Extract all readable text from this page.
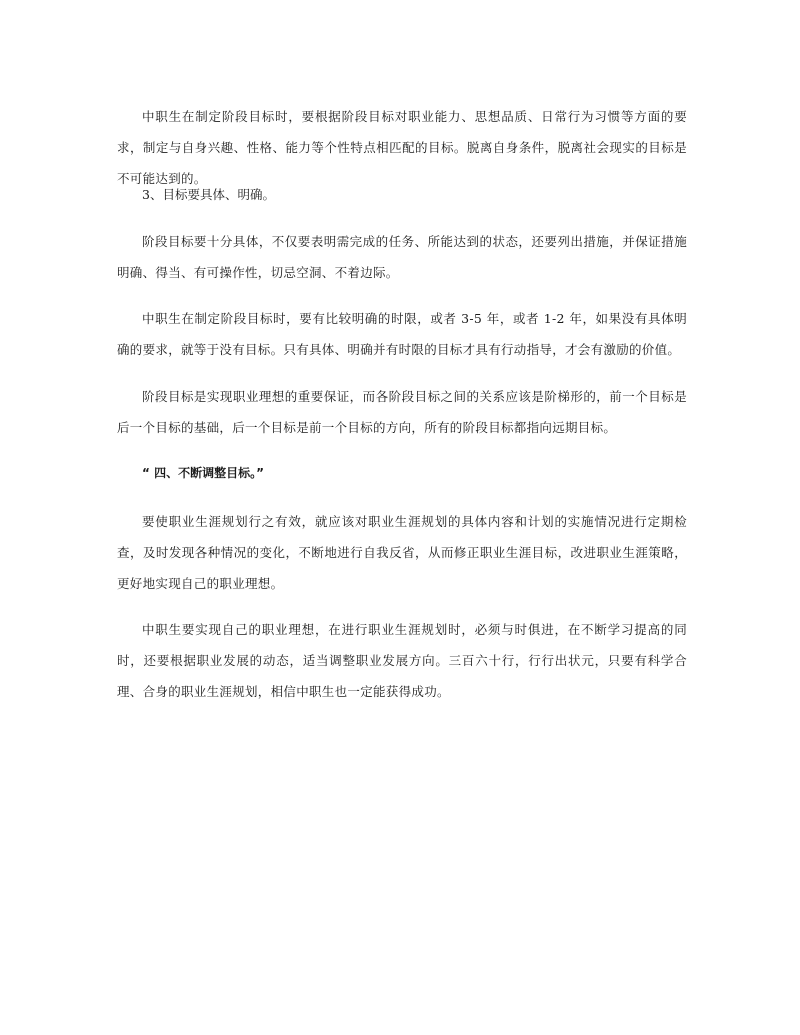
中职生在制定阶段目标时，要根据阶段目标对职业能力、思想品质、日常行为习惯等方面的要求，制定与自身兴趣、性格、能力等个性特点相匹配的目标。脱离自身条件，脱离社会现实的目标是不可能达到的。

3、目标要具体、明确。

阶段目标要十分具体，不仅要表明需完成的任务、所能达到的状态，还要列出措施，并保证措施明确、得当、有可操作性，切忌空洞、不着边际。

中职生在制定阶段目标时，要有比较明确的时限，或者 3-5 年，或者 1-2 年，如果没有具体明确的要求，就等于没有目标。只有具体、明确并有时限的目标才具有行动指导，才会有激励的价值。

阶段目标是实现职业理想的重要保证，而各阶段目标之间的关系应该是阶梯形的，前一个目标是后一个目标的基础，后一个目标是前一个目标的方向，所有的阶段目标都指向远期目标。

“ 四、不断调整目标。”

要使职业生涯规划行之有效，就应该对职业生涯规划的具体内容和计划的实施情况进行定期检查，及时发现各种情况的变化，不断地进行自我反省，从而修正职业生涯目标，改进职业生涯策略，更好地实现自己的职业理想。

中职生要实现自己的职业理想，在进行职业生涯规划时，必须与时俱进，在不断学习提高的同时，还要根据职业发展的动态，适当调整职业发展方向。三百六十行，行行出状元，只要有科学合理、合身的职业生涯规划，相信中职生也一定能获得成功。
